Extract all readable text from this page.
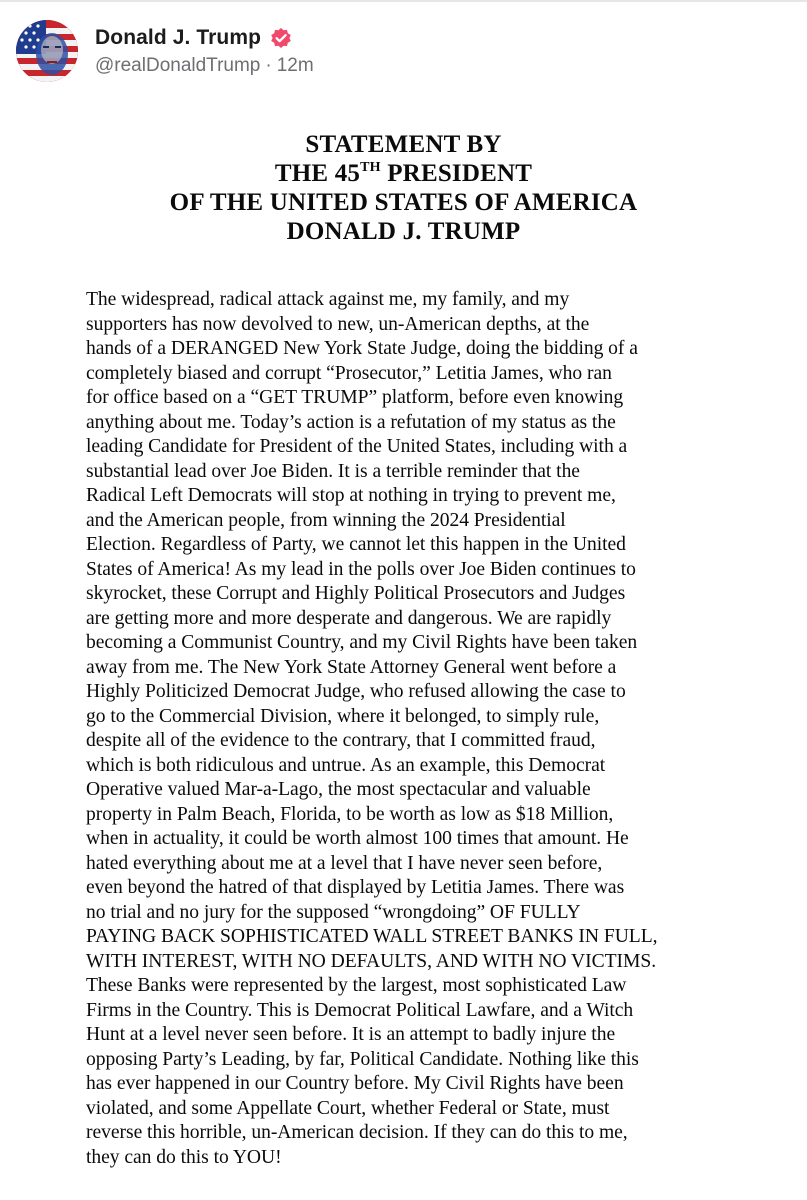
Donald J. Trump
@realDonaldTrump · 12m
STATEMENT BY
THE 45TH PRESIDENT
OF THE UNITED STATES OF AMERICA
DONALD J. TRUMP
The widespread, radical attack against me, my family, and my
supporters has now devolved to new, un-American depths, at the
hands of a DERANGED New York State Judge, doing the bidding of a
completely biased and corrupt “Prosecutor,” Letitia James, who ran
for office based on a “GET TRUMP” platform, before even knowing
anything about me. Today’s action is a refutation of my status as the
leading Candidate for President of the United States, including with a
substantial lead over Joe Biden. It is a terrible reminder that the
Radical Left Democrats will stop at nothing in trying to prevent me,
and the American people, from winning the 2024 Presidential
Election. Regardless of Party, we cannot let this happen in the United
States of America! As my lead in the polls over Joe Biden continues to
skyrocket, these Corrupt and Highly Political Prosecutors and Judges
are getting more and more desperate and dangerous. We are rapidly
becoming a Communist Country, and my Civil Rights have been taken
away from me. The New York State Attorney General went before a
Highly Politicized Democrat Judge, who refused allowing the case to
go to the Commercial Division, where it belonged, to simply rule,
despite all of the evidence to the contrary, that I committed fraud,
which is both ridiculous and untrue. As an example, this Democrat
Operative valued Mar-a-Lago, the most spectacular and valuable
property in Palm Beach, Florida, to be worth as low as $18 Million,
when in actuality, it could be worth almost 100 times that amount. He
hated everything about me at a level that I have never seen before,
even beyond the hatred of that displayed by Letitia James. There was
no trial and no jury for the supposed “wrongdoing” OF FULLY
PAYING BACK SOPHISTICATED WALL STREET BANKS IN FULL,
WITH INTEREST, WITH NO DEFAULTS, AND WITH NO VICTIMS.
These Banks were represented by the largest, most sophisticated Law
Firms in the Country. This is Democrat Political Lawfare, and a Witch
Hunt at a level never seen before. It is an attempt to badly injure the
opposing Party’s Leading, by far, Political Candidate. Nothing like this
has ever happened in our Country before. My Civil Rights have been
violated, and some Appellate Court, whether Federal or State, must
reverse this horrible, un-American decision. If they can do this to me,
they can do this to YOU!
